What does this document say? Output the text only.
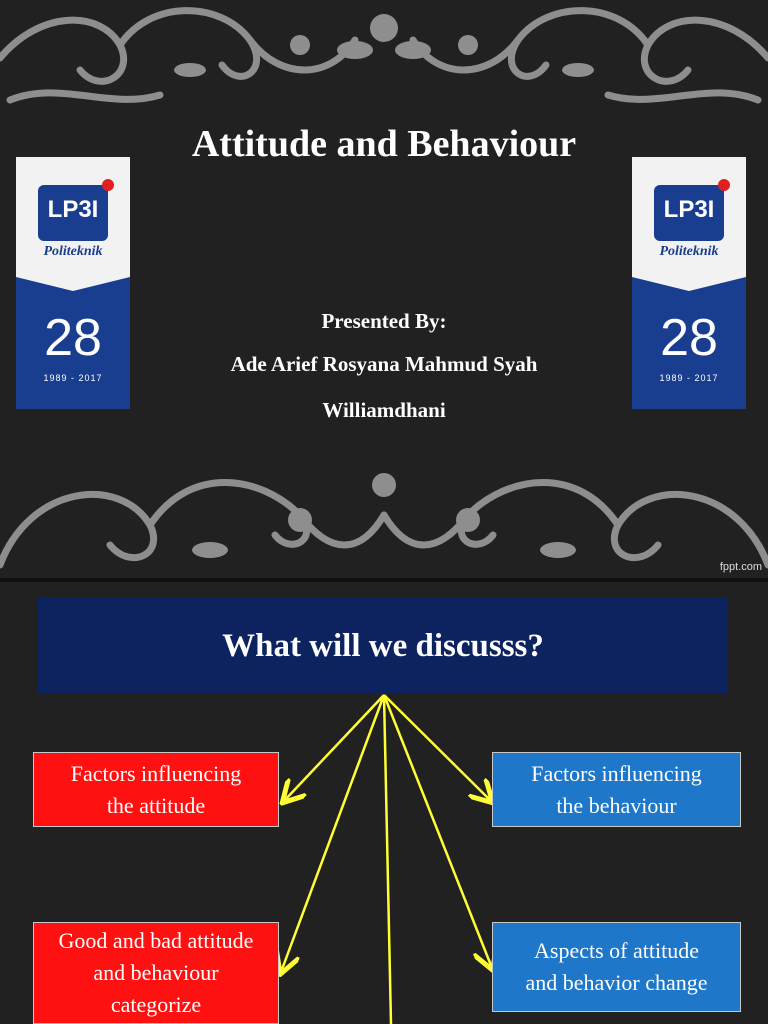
Attitude and Behaviour
LP3I
Politeknik
28
1989 - 2017
LP3I
Politeknik
28
1989 - 2017
Presented By:
Ade Arief Rosyana Mahmud Syah
Williamdhani
fppt.com
What will we discusss?
Factors influencing
the attitude
Factors influencing
the behaviour
Good and bad attitude
and behaviour
categorize
Aspects of attitude
and behavior change
